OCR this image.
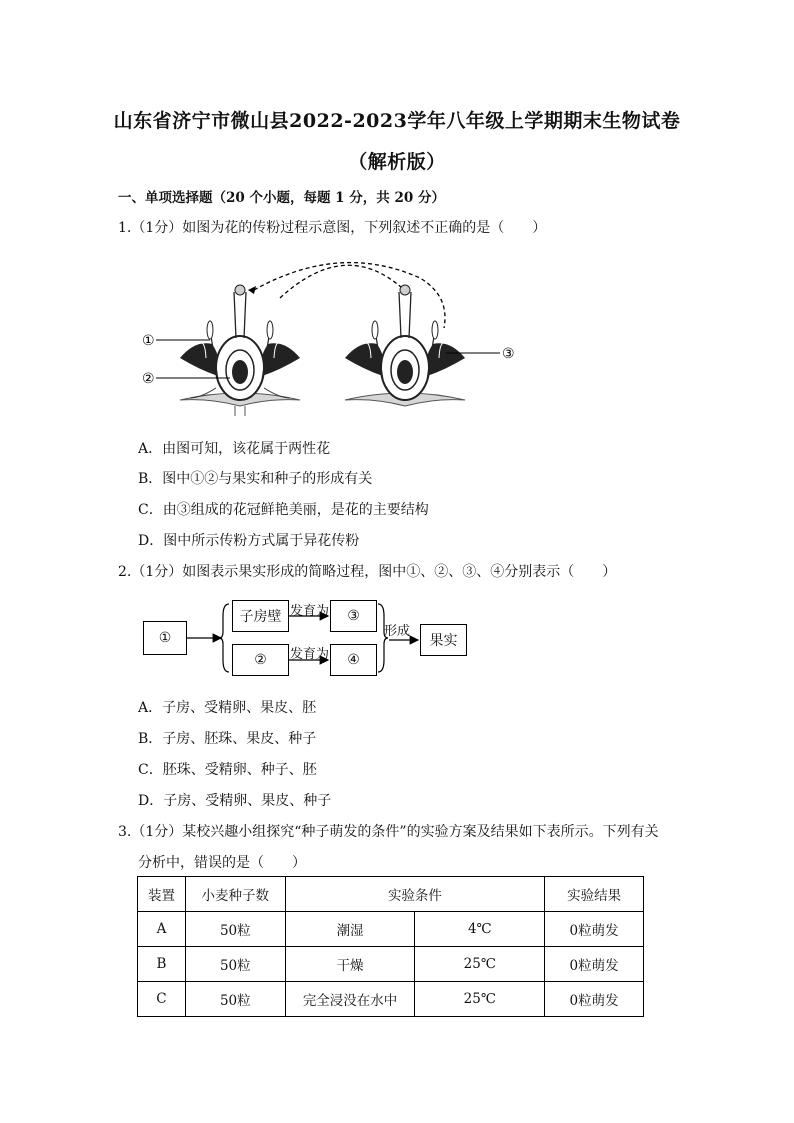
山东省济宁市微山县2022-2023学年八年级上学期期末生物试卷
（解析版）
一、单项选择题（20 个小题，每题 1 分，共 20 分）
1.（1分）如图为花的传粉过程示意图，下列叙述不正确的是（　　）
①
②
③
A．由图可知，该花属于两性花
B．图中①②与果实和种子的形成有关
C．由③组成的花冠鲜艳美丽，是花的主要结构
D．图中所示传粉方式属于异花传粉
2.（1分）如图表示果实形成的简略过程，图中①、②、③、④分别表示（　　）
①
子房壁
②
③
④
果实
发育为
发育为
形成
A．子房、受精卵、果皮、胚
B．子房、胚珠、果皮、种子
C．胚珠、受精卵、种子、胚
D．子房、受精卵、果皮、种子
3.（1分）某校兴趣小组探究“种子萌发的条件”的实验方案及结果如下表所示。下列有关
分析中，错误的是（　　）
装置	小麦种子数	实验条件		实验结果
A	50粒	潮湿	4℃	0粒萌发
B	50粒	干燥	25℃	0粒萌发
C	50粒	完全浸没在水中	25℃	0粒萌发
